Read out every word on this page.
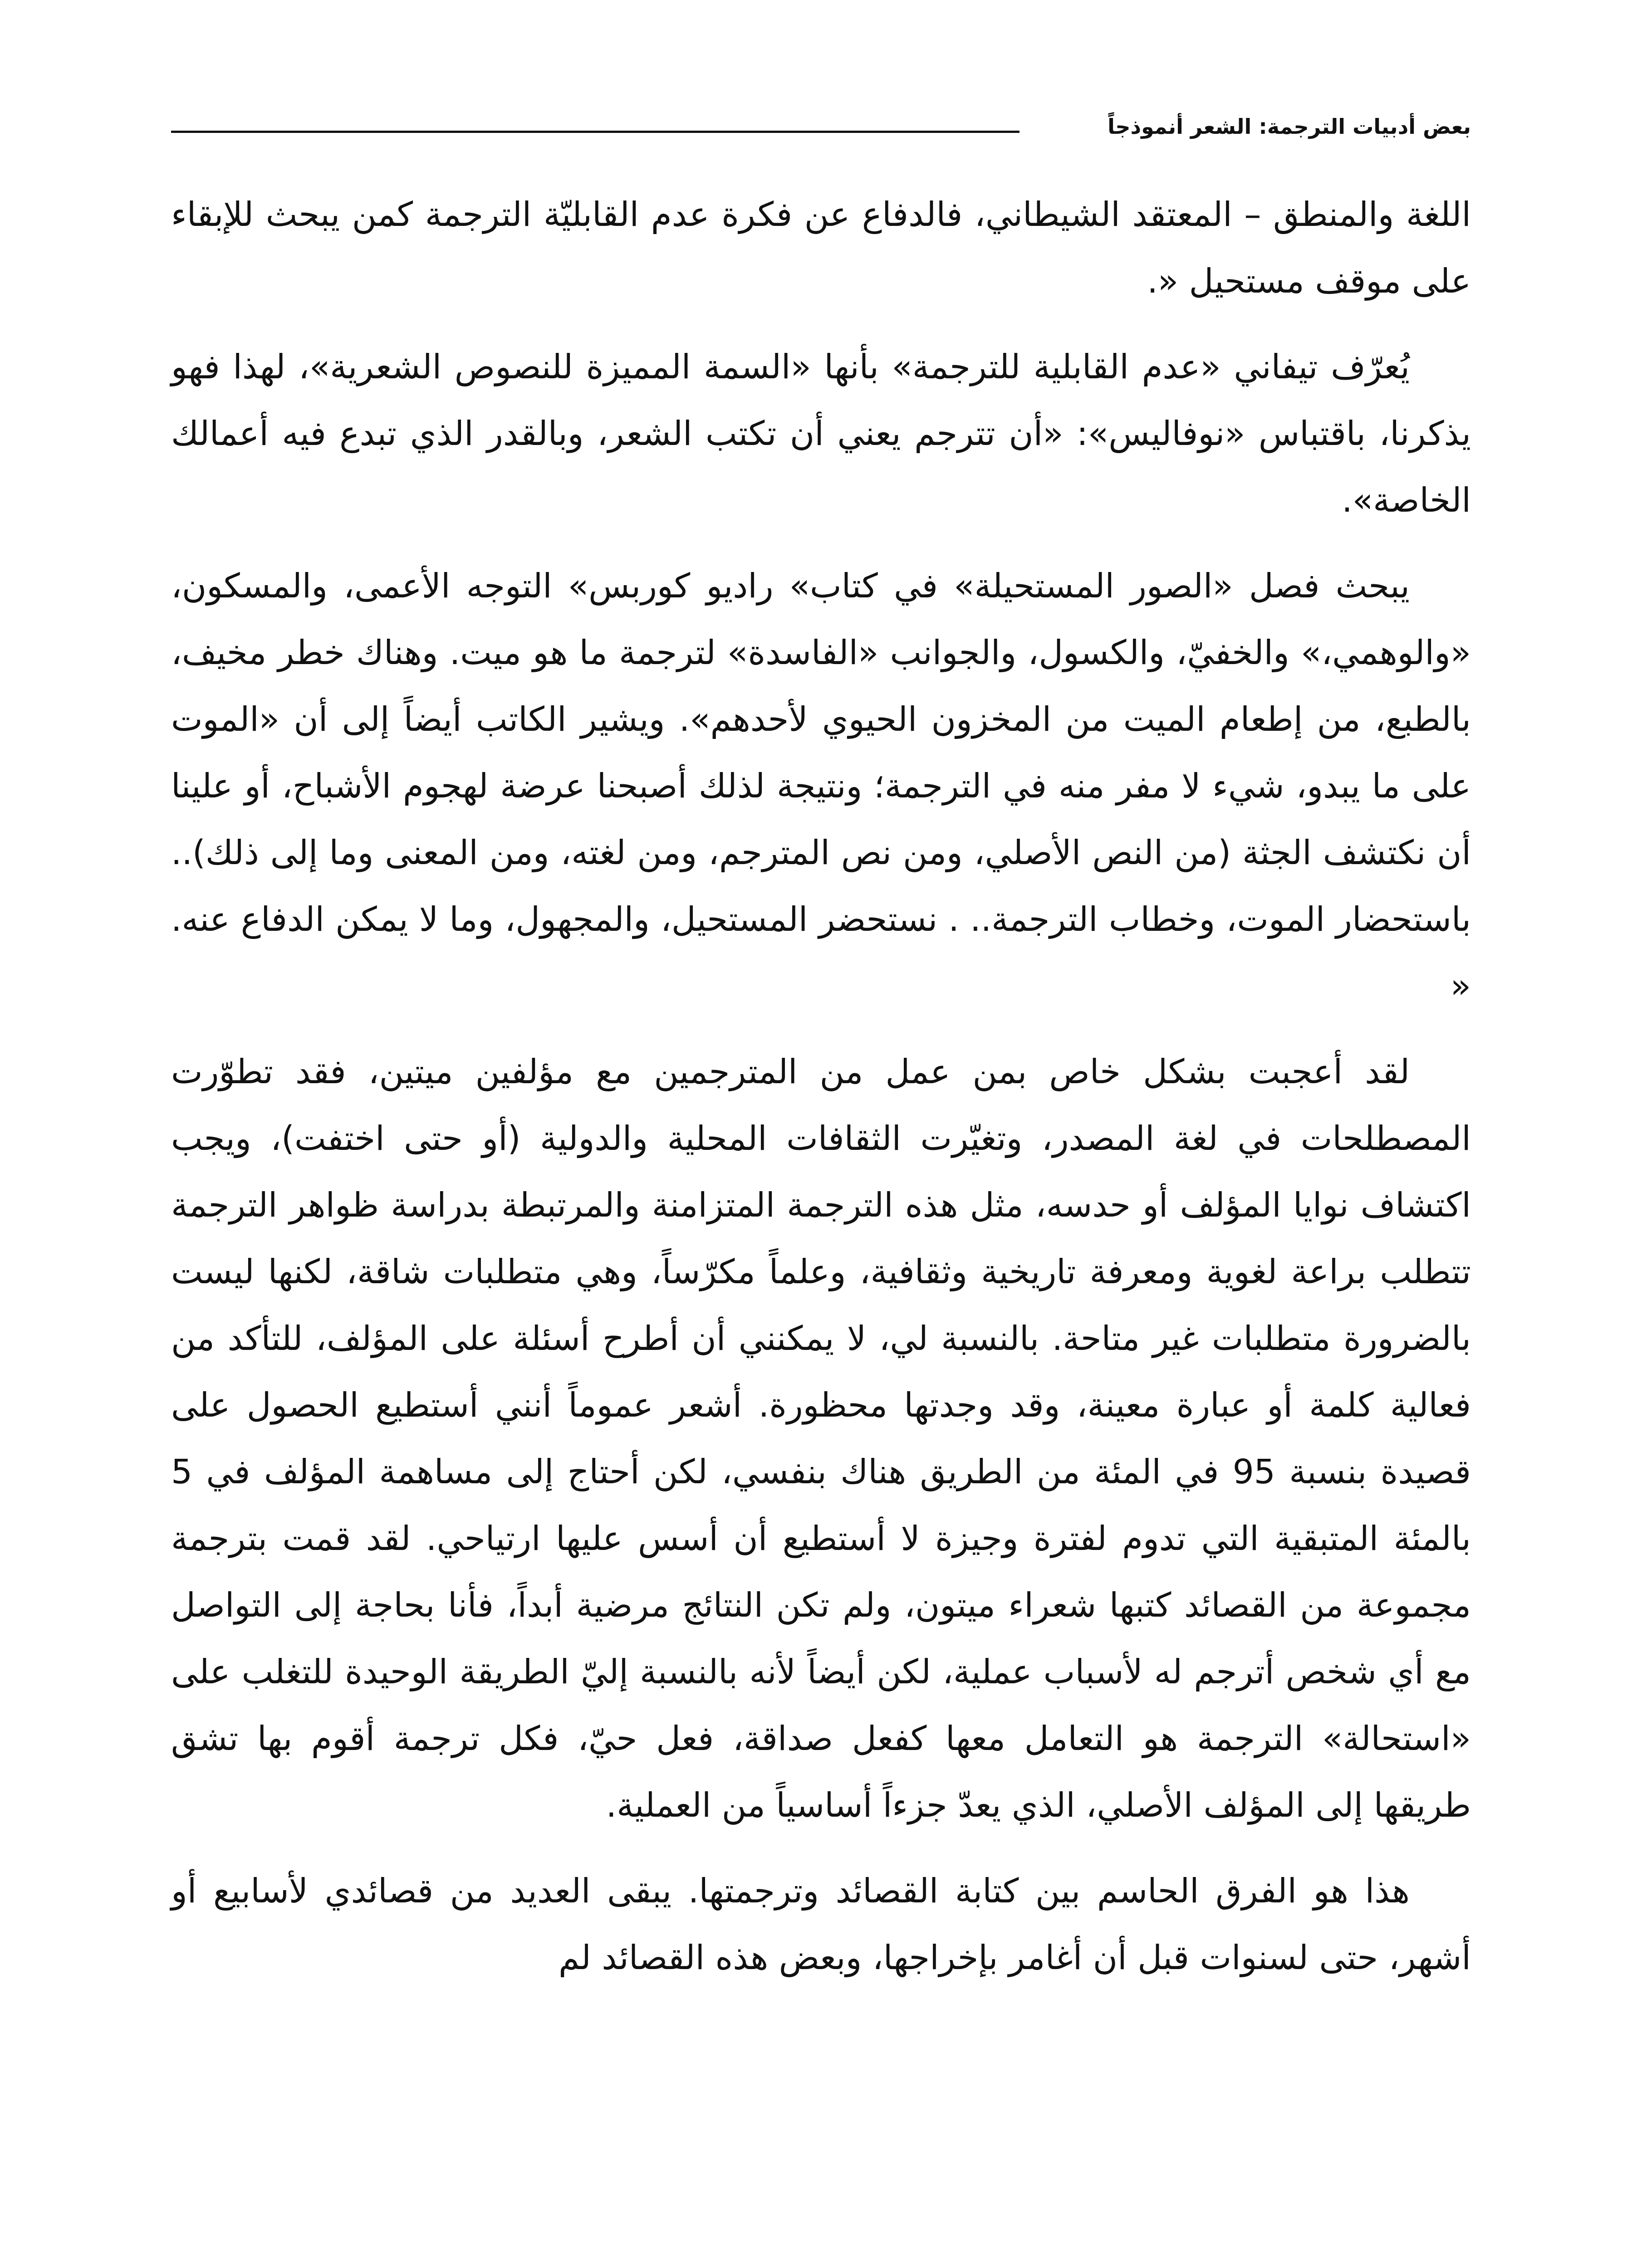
بعض أدبيات الترجمة: الشعر أنموذجاً

اللغة والمنطق – المعتقد الشيطاني، فالدفاع عن فكرة عدم القابليّة الترجمة كمن يبحث للإبقاء على موقف مستحيل «.

يُعرّف تيفاني «عدم القابلية للترجمة» بأنها «السمة المميزة للنصوص الشعرية»، لهذا فهو يذكرنا، باقتباس «نوفاليس»: «أن تترجم يعني أن تكتب الشعر، وبالقدر الذي تبدع فيه أعمالك الخاصة».

يبحث فصل «الصور المستحيلة» في كتاب» راديو كوربس» التوجه الأعمى، والمسكون، «والوهمي،» والخفيّ، والكسول، والجوانب «الفاسدة» لترجمة ما هو ميت. وهناك خطر مخيف، بالطبع، من إطعام الميت من المخزون الحيوي لأحدهم». ويشير الكاتب أيضاً إلى أن «الموت على ما يبدو، شيء لا مفر منه في الترجمة؛ ونتيجة لذلك أصبحنا عرضة لهجوم الأشباح، أو علينا أن نكتشف الجثة (من النص الأصلي، ومن نص المترجم، ومن لغته، ومن المعنى وما إلى ذلك).. باستحضار الموت، وخطاب الترجمة.. . نستحضر المستحيل، والمجهول، وما لا يمكن الدفاع عنه. «

لقد أعجبت بشكل خاص بمن عمل من المترجمين مع مؤلفين ميتين، فقد تطوّرت المصطلحات في لغة المصدر، وتغيّرت الثقافات المحلية والدولية (أو حتى اختفت)، ويجب اكتشاف نوايا المؤلف أو حدسه، مثل هذه الترجمة المتزامنة والمرتبطة بدراسة ظواهر الترجمة تتطلب براعة لغوية ومعرفة تاريخية وثقافية، وعلماً مكرّساً، وهي متطلبات شاقة، لكنها ليست بالضرورة متطلبات غير متاحة. بالنسبة لي، لا يمكنني أن أطرح أسئلة على المؤلف، للتأكد من فعالية كلمة أو عبارة معينة، وقد وجدتها محظورة. أشعر عموماً أنني أستطيع الحصول على قصيدة بنسبة 95 في المئة من الطريق هناك بنفسي، لكن أحتاج إلى مساهمة المؤلف في 5 بالمئة المتبقية التي تدوم لفترة وجيزة لا أستطيع أن أسس عليها ارتياحي. لقد قمت بترجمة مجموعة من القصائد كتبها شعراء ميتون، ولم تكن النتائج مرضية أبداً، فأنا بحاجة إلى التواصل مع أي شخص أترجم له لأسباب عملية، لكن أيضاً لأنه بالنسبة إليّ الطريقة الوحيدة للتغلب على «استحالة» الترجمة هو التعامل معها كفعل صداقة، فعل حيّ، فكل ترجمة أقوم بها تشق طريقها إلى المؤلف الأصلي، الذي يعدّ جزءاً أساسياً من العملية.

هذا هو الفرق الحاسم بين كتابة القصائد وترجمتها. يبقى العديد من قصائدي لأسابيع أو أشهر، حتى لسنوات قبل أن أغامر بإخراجها، وبعض هذه القصائد لم
